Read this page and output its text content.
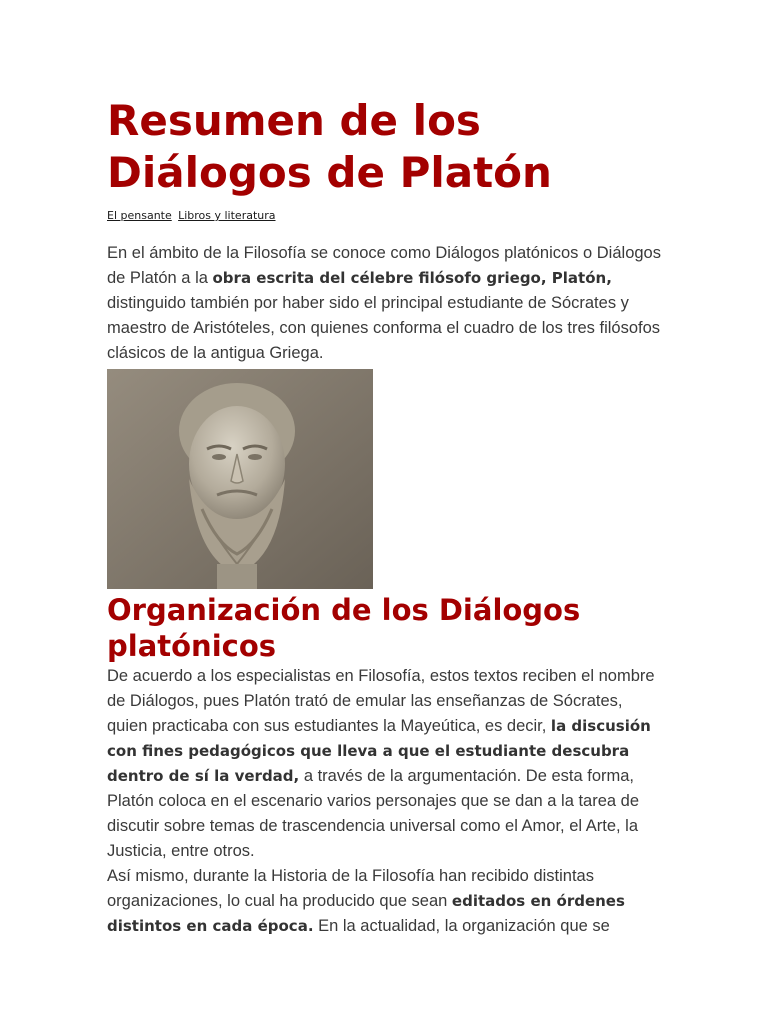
Resumen de los
Diálogos de Platón
El pensante Libros y literatura

En el ámbito de la Filosofía se conoce como Diálogos platónicos o Diálogos de Platón a la obra escrita del célebre filósofo griego, Platón, distinguido también por haber sido el principal estudiante de Sócrates y maestro de Aristóteles, con quienes conforma el cuadro de los tres filósofos clásicos de la antigua Griega.

Organización de los Diálogos
platónicos

De acuerdo a los especialistas en Filosofía, estos textos reciben el nombre de Diálogos, pues Platón trató de emular las enseñanzas de Sócrates, quien practicaba con sus estudiantes la Mayeútica, es decir, la discusión con fines pedagógicos que lleva a que el estudiante descubra dentro de sí la verdad, a través de la argumentación. De esta forma, Platón coloca en el escenario varios personajes que se dan a la tarea de discutir sobre temas de trascendencia universal como el Amor, el Arte, la Justicia, entre otros.

Así mismo, durante la Historia de la Filosofía han recibido distintas organizaciones, lo cual ha producido que sean editados en órdenes distintos en cada época. En la actualidad, la organización que se
